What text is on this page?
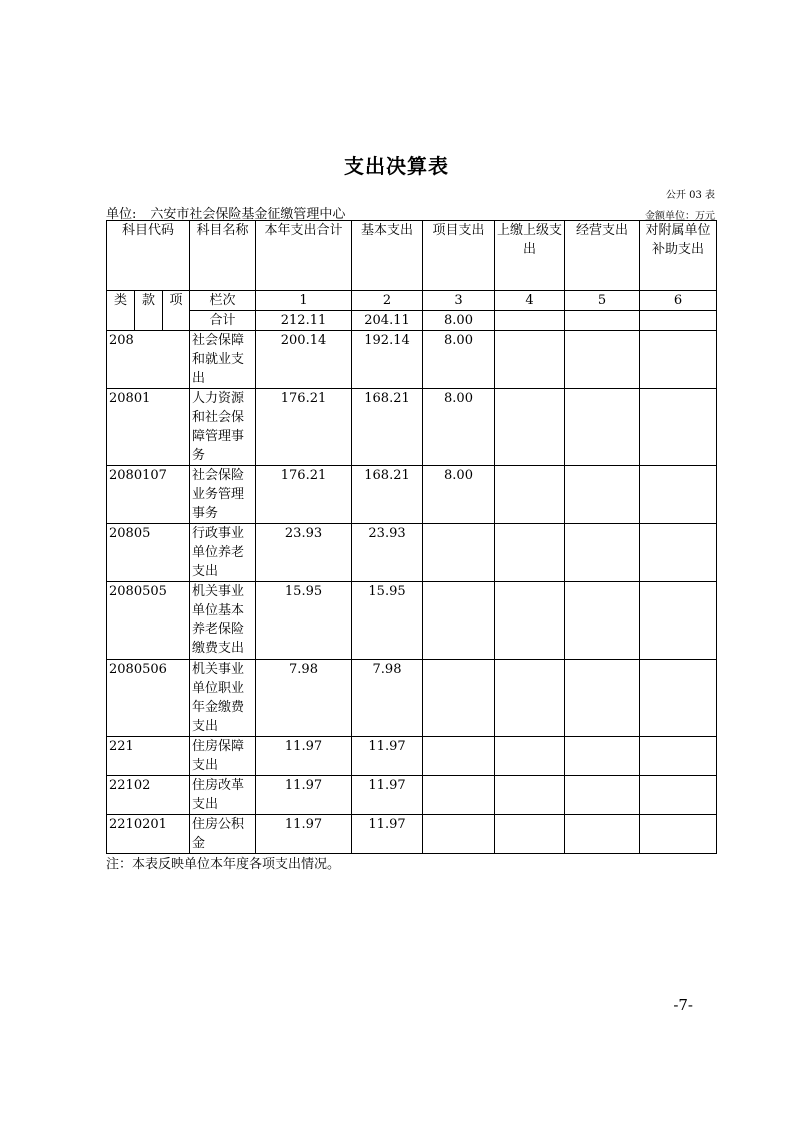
支出决算表
公开 03 表
单位: 六安市社会保险基金征缴管理中心	金额单位：万元
科目代码			科目名称	本年支出合计	基本支出	项目支出	上缴上级支出	经营支出	对附属单位补助支出
类	款	项	栏次	1	2	3	4	5	6
			合计	212.11	204.11	8.00			
208			社会保障和就业支出	200.14	192.14	8.00			
20801			人力资源和社会保障管理事务	176.21	168.21	8.00			
2080107			社会保险业务管理事务	176.21	168.21	8.00			
20805			行政事业单位养老支出	23.93	23.93				
2080505			机关事业单位基本养老保险缴费支出	15.95	15.95				
2080506			机关事业单位职业年金缴费支出	7.98	7.98				
221			住房保障支出	11.97	11.97				
22102			住房改革支出	11.97	11.97				
2210201			住房公积金	11.97	11.97				
注：本表反映单位本年度各项支出情况。
-7-
